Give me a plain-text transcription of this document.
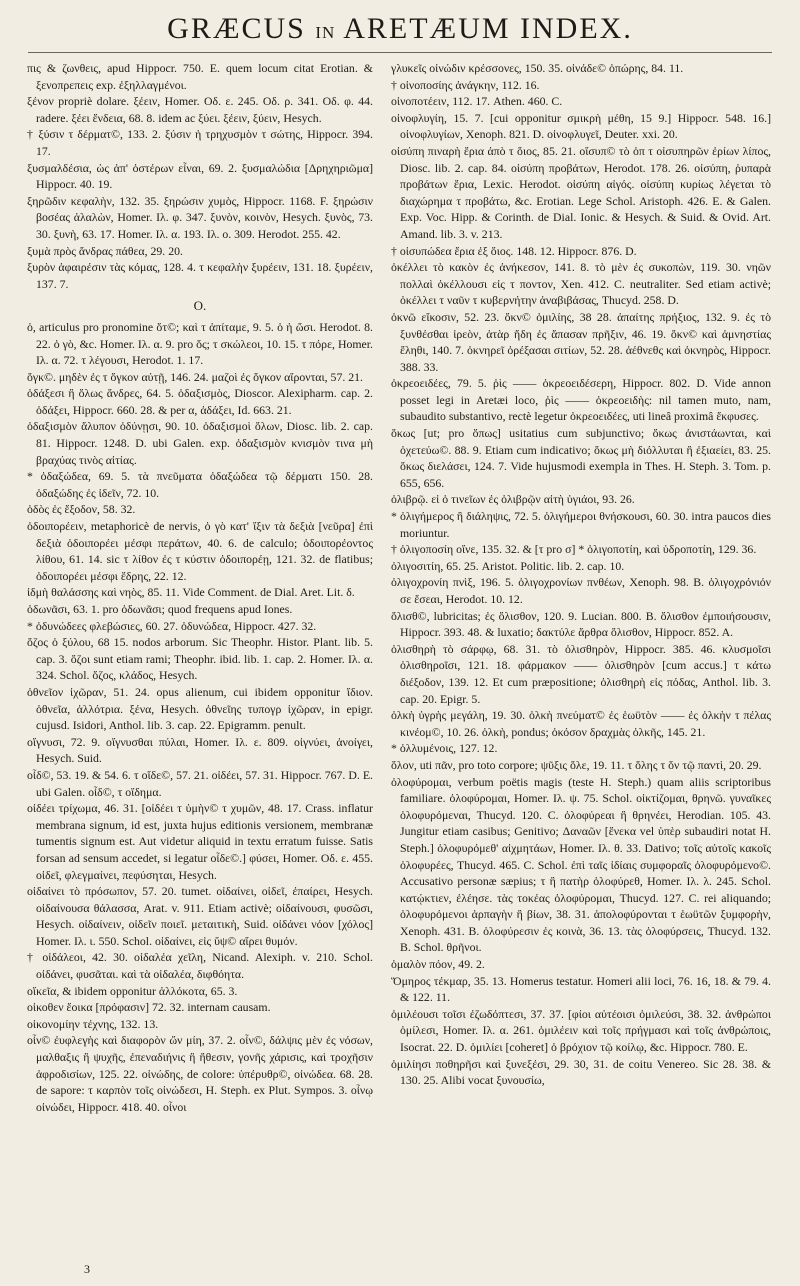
GRÆCUS IN ARETÆUM INDEX.

πις & ζωνθεις, apud Hippocr. 750. E. quem locum citat Erotian. & ξενοπρεπεις exp. ἐξηλλαγμένοι.

ξένον propriè dolare. ξέειν, Homer. Οδ. ε. 245. Οδ. ρ. 341. Οδ. φ. 44. radere. ξέει ἔνδεια, 68. 8. idem ac ξύει. ξέειν, ξύειν, Hesych.

† ξύσιν τ δέρματ©, 133. 2. ξύσιν ἡ τρηχυσμὸν τ σώτης, Hippocr. 394. 17.

ξυσμαλδέσια, ὡς ἀπ' ὀστέρων εἶναι, 69. 2. ξυσμαλώδια [Δρηχηριῶμα] Hippocr. 40. 19.

ξηρῶδιν κεφαλὴν, 132. 35. ξηρώσιν χυμὸς, Hippocr. 1168. F. ξηρώσιν βοσέας ἀλαλὼν, Homer. Ιλ. φ. 347. ξυνὸν, κοινὸν, Hesych. ξυνὸς, 73. 30. ξυνὴ, 63. 17. Homer. Ιλ. α. 193. Ιλ. ο. 309. Herodot. 255. 42.

ξυμὰ πρὸς ἄνδρας πάθεα, 29. 20.

ξυρὸν ἀφαιρέσιν τὰς κόμας, 128. 4. τ κεφαλὴν ξυρέειν, 131. 18. ξυρέειν, 137. 7.

O.

ὁ, articulus pro pronomine ὅτ©; καὶ τ ἀπίταμε, 9. 5. ὁ ἡ ὤσι. Herodot. 8. 22. ὁ γὸ, &c. Homer. Ιλ. α. 9. pro ὅς; τ σκώλεοι, 10. 15. τ πόρε, Homer. Ιλ. α. 72. τ λέγουσι, Herodot. 1. 17.

ὄγκ©. μηδὲν ἐς τ ὄγκον αὐτῇ, 146. 24. μαζοὶ ἐς ὄγκον αἴρονται, 57. 21.

ὀδάξεσι ἢ ὅλως ἄνδρες, 64. 5. ὀδαξισμὸς, Dioscor. Alexipharm. cap. 2. ὀδάξει, Hippocr. 660. 28. & per α, ἀδάξει, Id. 663. 21.

ὀδαξισμὸν ἄλυπον ὀδύνῃσι, 90. 10. ὀδαξισμοὶ ὅλων, Diosc. lib. 2. cap. 81. Hippocr. 1248. D. ubi Galen. exp. ὀδαξισμὸν κνισμὸν τινα μὴ βραχύας τινὸς αἰτίας.

* ὀδαξώδεα, 69. 5. τὰ πνεῦματα ὀδαξώδεα τῷ δέρματι 150. 28. ὀδαξώδης ἐς ἰδεῖν, 72. 10.

ὁδὸς ἐς ἔξοδον, 58. 32.

ὁδοιπορέειν, metaphoricè de nervis, ὁ γὸ κατ' ἴξιν τὰ δεξιὰ [νεῦρα] ἐπὶ δεξιὰ ὁδοιπορέει μέσφι περάτων, 40. 6. de calculo; ὁδοιπορέοντος λίθου, 61. 14. sic τ λίθον ἐς τ κύστιν ὁδοιπορέῃ, 121. 32. de flatibus; ὁδοιπορέει μέσφι ἕδρης, 22. 12.

ἰδμὴ θαλάσσης καὶ νηὸς, 85. 11. Vide Comment. de Dial. Aret. Lit. δ.

ὀδωνᾶσι, 63. 1. pro ὀδωνᾶσι; quod frequens apud Iones.

* ὀδυνώδεες φλεβώσιες, 60. 27. ὀδυνώδεα, Hippocr. 427. 32.

ὄζος ὁ ξύλου, 68 15. nodos arborum. Sic Theophr. Histor. Plant. lib. 5. cap. 3. ὄζοι sunt etiam rami; Theophr. ibid. lib. 1. cap. 2. Homer. Ιλ. α. 324. Schol. ὄζος, κλάδος, Hesych.

ὀθνεῖον ἰχῶραν, 51. 24. opus alienum, cui ibidem opponitur ἴδιον. ὀθνεῖα, ἀλλότρια. ξένα, Hesych. ὀθνεῖης τυπογρ ἰχῶραν, in epigr. cujusd. Isidori, Anthol. lib. 3. cap. 22. Epigramm. penult.

οἴγνυσι, 72. 9. οἴγνυσθαι πύλαι, Homer. Ιλ. ε. 809. οἰγνύει, ἀνοίγει, Hesych. Suid.

οἶδ©, 53. 19. & 54. 6. τ οἴδε©, 57. 21. οἰδέει, 57. 31. Hippocr. 767. D. E. ubi Galen. οἶδ©, τ οἴδημα.

οἰδέει τρίχωμα, 46. 31. [οἰδέει τ ὑμὴν© τ χυμῶν, 48. 17. Crass. inflatur membrana signum, id est, juxta hujus editionis versionem, membranæ tumentis signum est. Aut videtur aliquid in textu erratum fuisse. Satis forsan ad sensum accedet, si legatur οἶδε©.] φύσει, Homer. Οδ. ε. 455. οἰδεῖ, φλεγμαίνει, πεφύσηται, Hesych.

οἰδαίνει τὸ πρόσωπον, 57. 20. tumet. οἰδαίνει, οἰδεῖ, ἐπαίρει, Hesych. οἰδαίνουσα θάλασσα, Arat. v. 911. Etiam activè; οἰδαίνουσι, φυσῶσι, Hesych. οἰδαίνειν, οἰδεῖν ποιεῖ. μεταιτικὴ, Suid. οἰδάνει νόον [χόλος] Homer. Ιλ. ι. 550. Schol. οἰδαίνει, εἰς ὕψ© αἴρει θυμόν.

† οἰδάλεοι, 42. 30. οἰδαλέα χεῖλη, Nicand. Alexiph. v. 210. Schol. οἰδάνει, φυσᾶται. καὶ τὰ οἰδαλέα, διφθόητα.

οἴκεῖα, & ibidem opponitur ἀλλόκοτα, 65. 3.

οἰκοθεν ἔοικα [πρόφασιν] 72. 32. internam causam.

οἰκονομίην τέχνης, 132. 13.

οἶν© ἐυφλεγὴς καὶ διαφορὸν ὤν μίη, 37. 2. οἶν©, δάλψις μὲν ἐς νόσων, μαλθαξις ἢ ψυχῆς, ἐπεναδιήνις ἢ ἤθεσιν, γονῆς χάρισις, καὶ τροχῆσιν ἀφροδισίων, 125. 22. οἰνώδης, de colore: ὑπέρυθρ©, οἰνώδεα. 68. 28. de sapore: τ καρπὸν τοῖς οἰνώδεσι, H. Steph. ex Plut. Sympos. 3. οἶνῳ οἰνώδει, Hippocr. 418. 40. οἶνοι

γλυκεῖς οἰνώδιν κρέσσονες, 150. 35. οἰνάδε© ὁπώρης, 84. 11.

† οἰνοποσίης ἀνάγκην, 112. 16.

οἰνοποτέειν, 112. 17. Athen. 460. C.

οἰνοφλυγίη, 15. 7. [cui opponitur σμικρὴ μέθη, 15 9.] Hippocr. 548. 16.] οἰνοφλυγίων, Xenoph. 821. D. οἰνοφλυγεῖ, Deuter. xxi. 20.

οἰσύπη πιναρὴ ἔρια ἀπὸ τ ὄιος, 85. 21. οἴσυπ© τὸ ὁπ τ οἰσυπηρῶν ἐρίων λίπος, Diosc. lib. 2. cap. 84. οἰσύπη προβάτων, Herodot. 178. 26. οἰσύπη, ῥυπαρὰ προβάτων ἔρια, Lexic. Herodot. οἰσύπη αἰγός. οἰσύπη κυρίως λέγεται τὸ διαχώρημα τ προβάτω, &c. Erotian. Lege Schol. Aristoph. 426. E. & Galen. Exp. Voc. Hipp. & Corinth. de Dial. Ionic. & Hesych. & Suid. & Ovid. Art. Amand. lib. 3. v. 213.

† οἰσυπώδεα ἔρια ἐξ ὄιος. 148. 12. Hippocr. 876. D.

ὀκέλλει τὸ κακὸν ἐς ἀνήκεσον, 141. 8. τὸ μὲν ἐς συκοπὼν, 119. 30. νηῶν πολλαὶ ὀκέλλουσι εἰς τ ποντον, Xen. 412. C. neutraliter. Sed etiam activè; ὀκέλλει τ ναῦν τ κυβερνήτην ἀναβιβάσας, Thucyd. 258. D.

ὀκνῶ εἴκοσιν, 52. 23. ὄκν© ὁμιλίης, 38 28. ἀπαίτης πρήξιος, 132. 9. ἐς τὸ ξυνθέσθαι ἱρεὸν, ἀτὰρ ἤδη ἐς ἄπασαν πρῆξιν, 46. 19. ὄκν© καὶ ἀμνηστίας ἔληθι, 140. 7. ὀκνηρεῖ ὀρέξασαι σιτίων, 52. 28. ἀέθνεθς καὶ ὀκνηρὸς, Hippocr. 388. 33.

ὀκρεοειδέες, 79. 5. ῥὶς —— ὀκρεοειδέσερη, Hippocr. 802. D. Vide annon posset legi in Aretæi loco, ῥὶς —— ὀκρεοειδὴς: nil tamen muto, nam, subaudito substantivo, rectè legetur ὀκρεοειδέες, uti lineâ proximâ ἔκφυσες.

ὅκως [ut; pro ὅπως] usitatius cum subjunctivo; ὅκως ἀνιστάωνται, καὶ ὀχετεύω©. 88. 9. Etiam cum indicativo; ὅκως μὴ διόλλυται ἢ ἐξιαείει, 83. 25. ὅκως διελάσει, 124. 7. Vide hujusmodi exempla in Thes. H. Steph. 3. Tom. p. 655, 656.

ὀλιβρῷ. εἰ ὁ τινεῖων ἐς ὀλιβρῷν αἰτὴ ὑγιάοι, 93. 26.

* ὀλιγήμερος ἢ διάληψις, 72. 5. ὀλιγήμεροι θνήσκουσι, 60. 30. intra paucos dies moriuntur.

† ὀλιγοποσίη οἴνε, 135. 32. & [τ pro σ] * ὀλιγοποτίη, καὶ ὑδροποτίη, 129. 36.

ὀλιγοσιτίη, 65. 25. Aristot. Politic. lib. 2. cap. 10.

ὀλιγοχρονίη πνὶξ, 196. 5. ὀλιγοχρονίων πνθέων, Xenoph. 98. B. ὀλιγοχρόνιόν σε ἔσεαι, Herodot. 10. 12.

ὄλισθ©, lubricitas; ἐς ὄλισθον, 120. 9. Lucian. 800. B. ὄλισθον ἐμποιήσουσιν, Hippocr. 393. 48. & luxatio; δακτύλε ἄρθρα ὄλισθον, Hippocr. 852. A.

ὀλισθηρὴ τὸ σάρφῳ, 68. 31. τὸ ὀλισθηρὸν, Hippocr. 385. 46. κλυσμοῖσι ὀλισθηροῖσι, 121. 18. φάρμακον —— ὀλισθηρὸν [cum accus.] τ κάτω διέξοδον, 139. 12. Et cum præpositione; ὀλισθηρὴ εἰς πόδας, Anthol. lib. 3. cap. 20. Epigr. 5.

ὀλκὴ ὑγρὴς μεγάλη, 19. 30. ὀλκὴ πνεύματ© ἐς ἑωϋτὸν —— ἐς ὀλκὴν τ πέλας κινέομ©, 10. 26. ὀλκὴ, pondus; ὀκόσον δραχμὰς ὀλκῆς, 145. 21.

* ὀλλυμένοις, 127. 12.

ὅλον, uti πᾶν, pro toto corpore; ψῦξις ὅλε, 19. 11. τ ὅλης τ ὅν τῷ παντὶ, 20. 29.

ὀλοφύρομαι, verbum poëtis magis (teste H. Steph.) quam aliis scriptoribus familiare. ὀλοφύρομαι, Homer. Ιλ. ψ. 75. Schol. οἰκτίζομαι, θρηνῶ. γυναῖκες ὀλοφυρόμεναι, Thucyd. 120. C. ὀλοφύρεαι ἢ θρηνέει, Herodian. 105. 43. Jungitur etiam casibus; Genitivo; Δαναῶν [ἕνεκα vel ὑπὲρ subaudiri notat H. Steph.] ὀλοφυρόμεθ' αἰχμητάων, Homer. Ιλ. θ. 33. Dativo; τοῖς αὐτοῖς κακοῖς ὀλοφυρέες, Thucyd. 465. C. Schol. ἐπὶ ταῖς ἰδίαις συμφοραῖς ὀλοφυρόμενο©. Accusativo personæ sæpius; τ ἢ πατὴρ ὀλοφύρεθ, Homer. Ιλ. λ. 245. Schol. κατῴκτιεν, ἐλέησε. τὰς τοκέας ὀλοφύρομαι, Thucyd. 127. C. rei aliquando; ὀλοφυρόμενοι ἁρπαγὴν ἢ βίων, 38. 31. ἀπολοφύρονται τ ἑωϋτῶν ξυμφορὴν, Xenoph. 431. B. ὀλοφύρεσιν ἐς κοινὰ, 36. 13. τὰς ὀλοφύρσεις, Thucyd. 132. B. Schol. θρῆνοι.

ὁμαλὸν πόον, 49. 2.

Ὅμηρος τέκμαρ, 35. 13. Homerus testatur. Homeri alii loci, 76. 16, 18. & 79. 4. & 122. 11.

ὁμιλέουσι τοῖσι ἐζωδόπτεσι, 37. 37. [φίοι αὐτέοισι ὁμιλεύσι, 38. 32. ἀνθρώποι ὁμίλεσι, Homer. Ιλ. α. 261. ὁμιλέειν καὶ τοῖς πρήγμασι καὶ τοῖς ἀνθρώποις, Isocrat. 22. D. ὁμιλίει [coheret] ὁ βρόχιον τῷ κοίλῳ, &c. Hippocr. 780. E.

ὁμιλίησι ποθηρῆσι καὶ ξυνεξέσι, 29. 30, 31. de coitu Venereo. Sic 28. 38. & 130. 25. Alibi vocat ξυνουσίω,

3
